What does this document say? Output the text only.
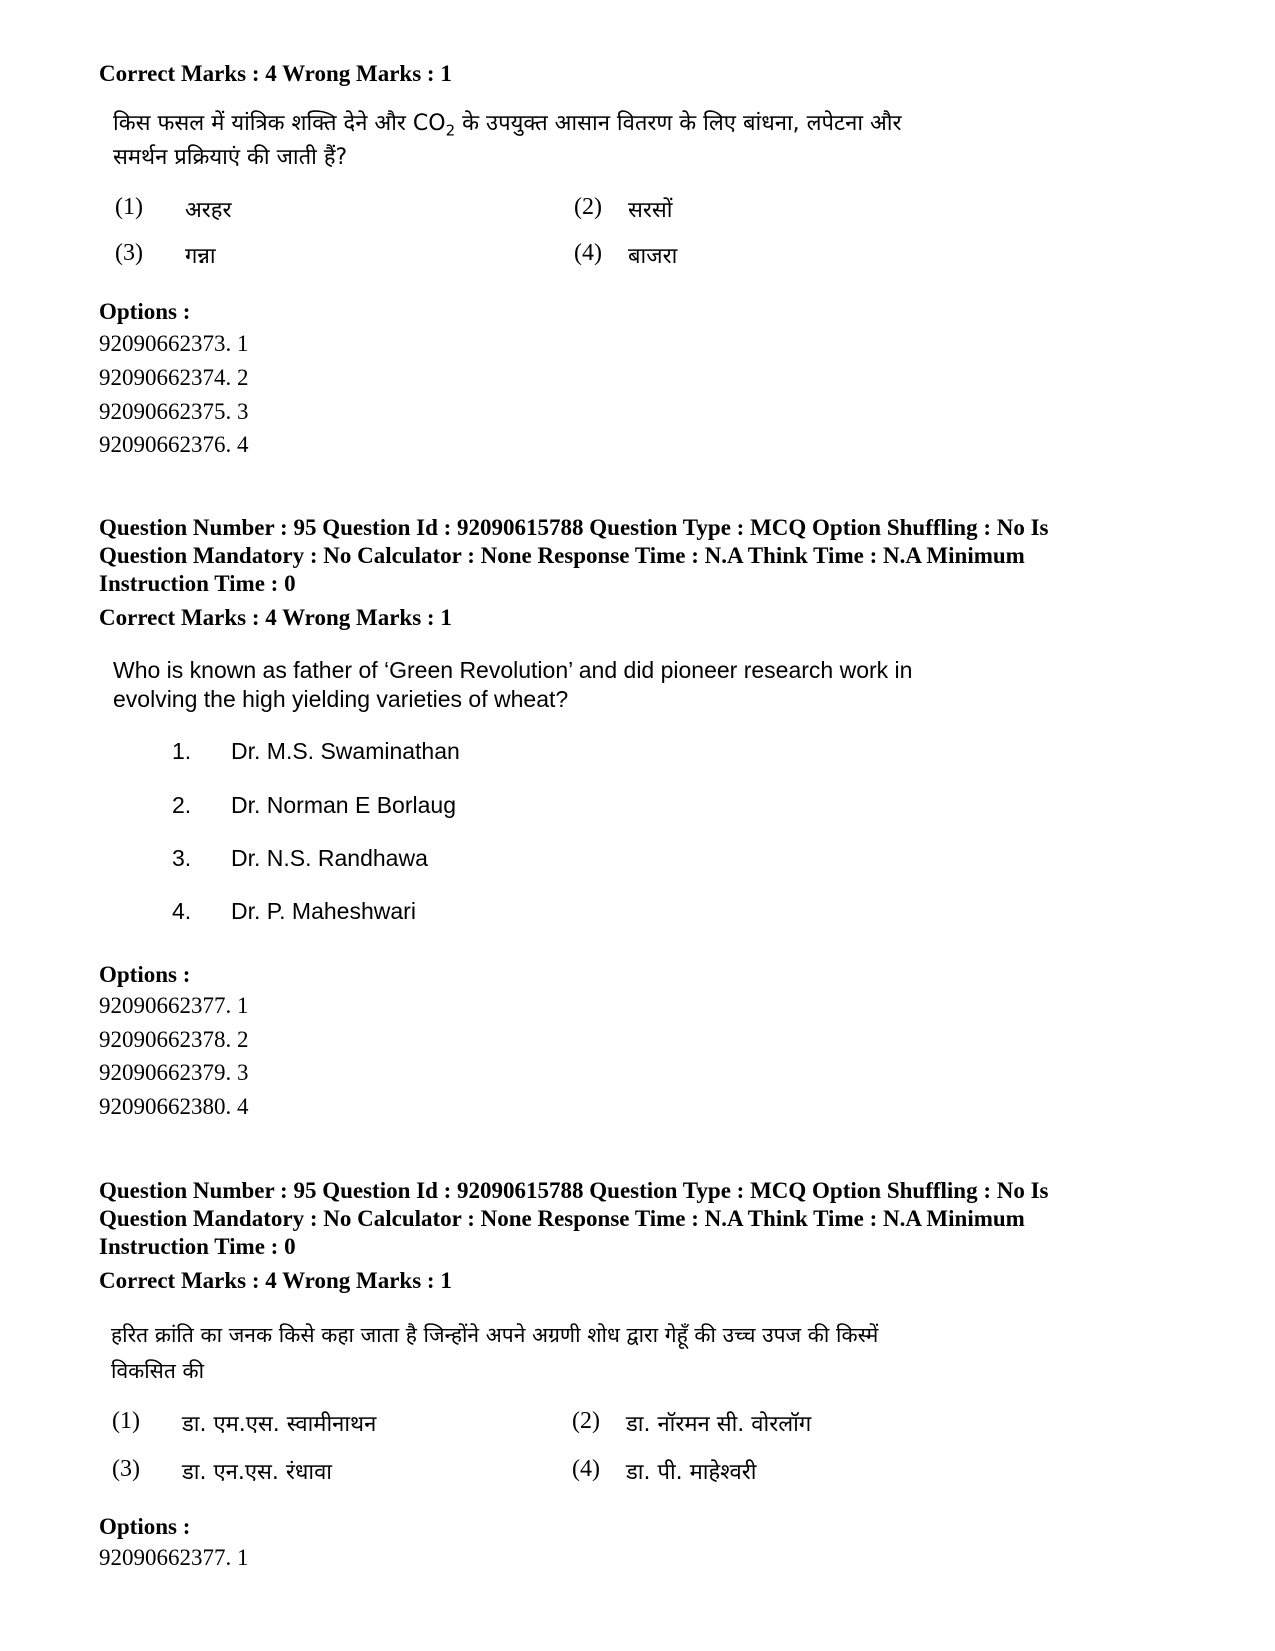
Correct Marks : 4 Wrong Marks : 1
किस फसल में यांत्रिक शक्ति देने और $CO_2$ के उपयुक्त आसान वितरण के लिए बांधना, लपेटना और
समर्थन प्रक्रियाएं की जाती हैं?
(1) अरहर	(2) सरसों
(3) गन्ना	(4) बाजरा
Options :
92090662373. 1
92090662374. 2
92090662375. 3
92090662376. 4
Question Number : 95 Question Id : 92090615788 Question Type : MCQ Option Shuffling : No Is
Question Mandatory : No Calculator : None Response Time : N.A Think Time : N.A Minimum
Instruction Time : 0
Correct Marks : 4 Wrong Marks : 1
Who is known as father of ‘Green Revolution’ and did pioneer research work in
evolving the high yielding varieties of wheat?
1. Dr. M.S. Swaminathan
2. Dr. Norman E Borlaug
3. Dr. N.S. Randhawa
4. Dr. P. Maheshwari
Options :
92090662377. 1
92090662378. 2
92090662379. 3
92090662380. 4
Question Number : 95 Question Id : 92090615788 Question Type : MCQ Option Shuffling : No Is
Question Mandatory : No Calculator : None Response Time : N.A Think Time : N.A Minimum
Instruction Time : 0
Correct Marks : 4 Wrong Marks : 1
हरित क्रांति का जनक किसे कहा जाता है जिन्होंने अपने अग्रणी शोध द्वारा गेहूँ की उच्च उपज की किस्में
विकसित की
(1) डा. एम.एस. स्वामीनाथन	(2) डा. नॉरमन सी. वोरलॉग
(3) डा. एन.एस. रंधावा	(4) डा. पी. माहेश्वरी
Options :
92090662377. 1
